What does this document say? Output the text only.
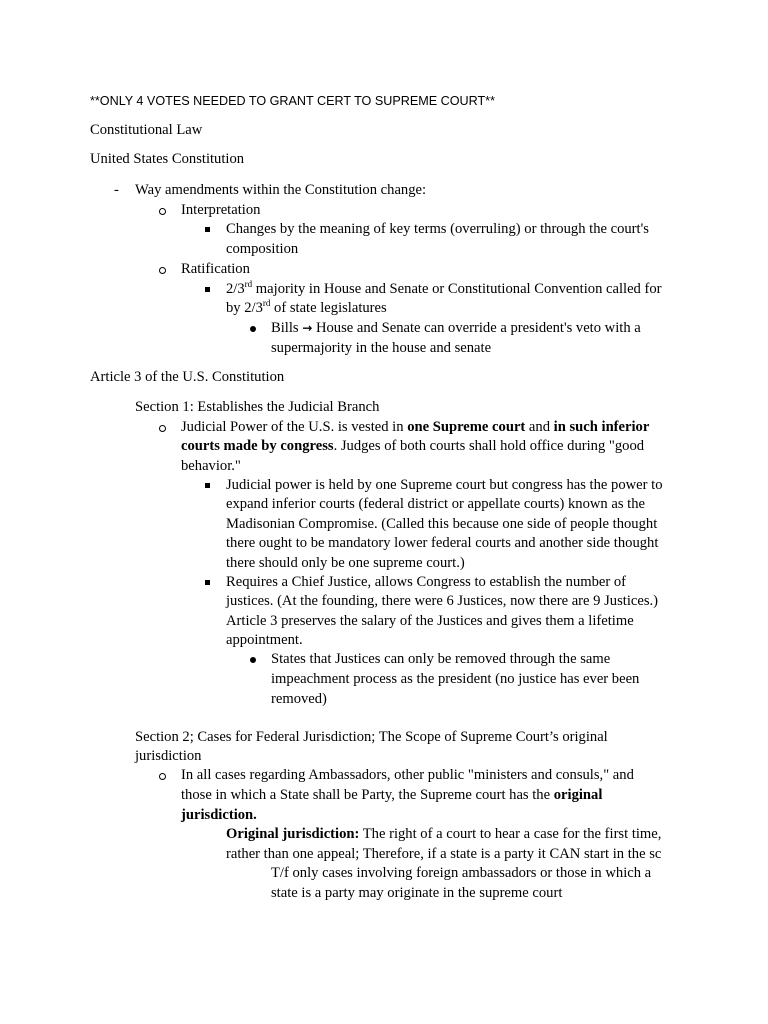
**ONLY 4 VOTES NEEDED TO GRANT CERT TO SUPREME COURT**
Constitutional Law
United States Constitution
- Way amendments within the Constitution change:
Interpretation
Changes by the meaning of key terms (overruling) or through the court's
composition
Ratification
2/3rd majority in House and Senate or Constitutional Convention called for
by 2/3rd of state legislatures
Bills → House and Senate can override a president's veto with a
supermajority in the house and senate
Article 3 of the U.S. Constitution
Section 1: Establishes the Judicial Branch
Judicial Power of the U.S. is vested in one Supreme court and in such inferior
courts made by congress. Judges of both courts shall hold office during "good
behavior."
Judicial power is held by one Supreme court but congress has the power to
expand inferior courts (federal district or appellate courts) known as the
Madisonian Compromise. (Called this because one side of people thought
there ought to be mandatory lower federal courts and another side thought
there should only be one supreme court.)
Requires a Chief Justice, allows Congress to establish the number of
justices. (At the founding, there were 6 Justices, now there are 9 Justices.)
Article 3 preserves the salary of the Justices and gives them a lifetime
appointment.
States that Justices can only be removed through the same
impeachment process as the president (no justice has ever been
removed)
Section 2; Cases for Federal Jurisdiction; The Scope of Supreme Court’s original
jurisdiction
In all cases regarding Ambassadors, other public "ministers and consuls," and
those in which a State shall be Party, the Supreme court has the original
jurisdiction.
Original jurisdiction: The right of a court to hear a case for the first time,
rather than one appeal; Therefore, if a state is a party it CAN start in the sc
T/f only cases involving foreign ambassadors or those in which a
state is a party may originate in the supreme court
